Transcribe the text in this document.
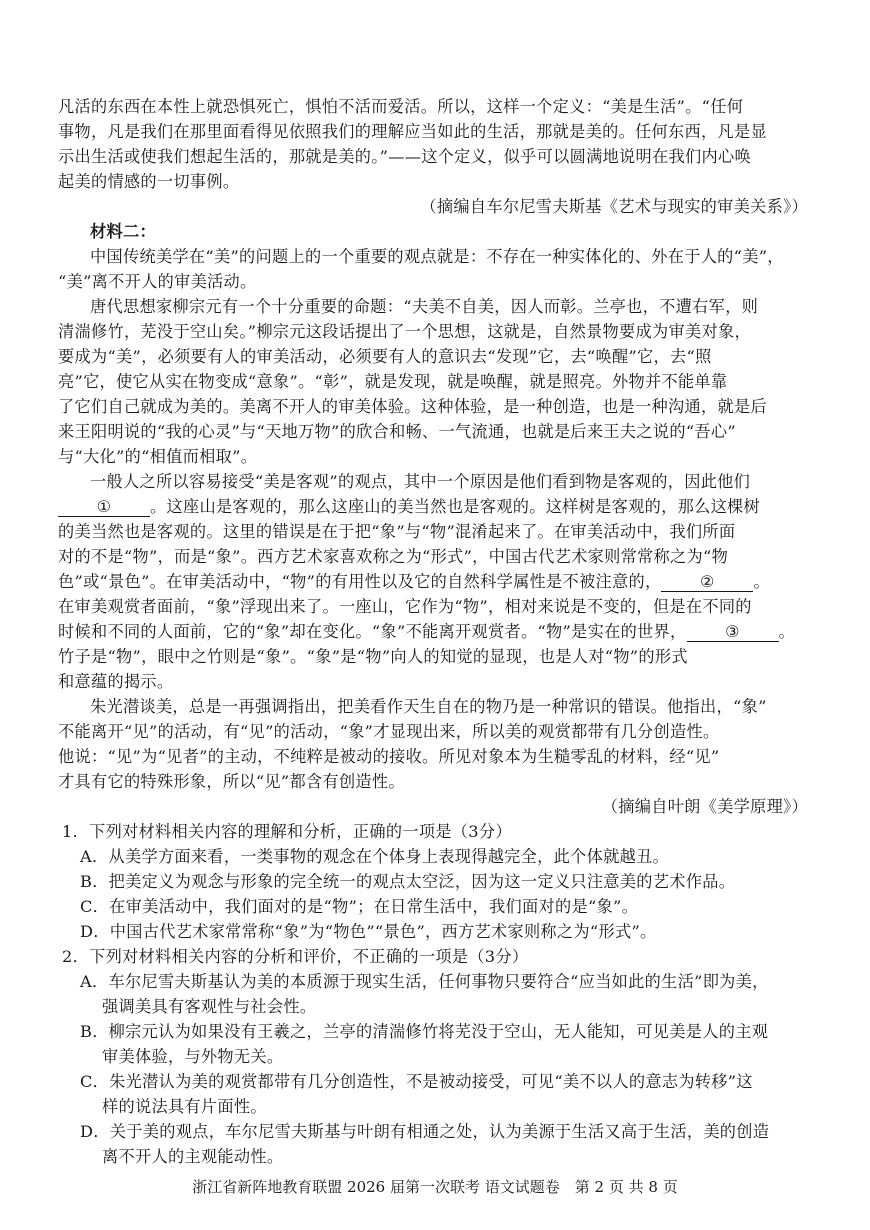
凡活的东西在本性上就恐惧死亡，惧怕不活而爱活。所以，这样一个定义：“美是生活”。“任何
事物，凡是我们在那里面看得见依照我们的理解应当如此的生活，那就是美的。任何东西，凡是显
示出生活或使我们想起生活的，那就是美的。”——这个定义，似乎可以圆满地说明在我们内心唤
起美的情感的一切事例。
（摘编自车尔尼雪夫斯基《艺术与现实的审美关系》）
材料二：
中国传统美学在“美”的问题上的一个重要的观点就是：不存在一种实体化的、外在于人的“美”，
“美”离不开人的审美活动。
唐代思想家柳宗元有一个十分重要的命题：“夫美不自美，因人而彰。兰亭也，不遭右军，则
清湍修竹，芜没于空山矣。”柳宗元这段话提出了一个思想，这就是，自然景物要成为审美对象，
要成为“美”，必须要有人的审美活动，必须要有人的意识去“发现”它，去“唤醒”它，去“照
亮”它，使它从实在物变成“意象”。“彰”，就是发现，就是唤醒，就是照亮。外物并不能单靠
了它们自己就成为美的。美离不开人的审美体验。这种体验，是一种创造，也是一种沟通，就是后
来王阳明说的“我的心灵”与“天地万物”的欣合和畅、一气流通，也就是后来王夫之说的“吾心”
与“大化”的“相值而相取”。
一般人之所以容易接受“美是客观”的观点，其中一个原因是他们看到物是客观的，因此他们
① 。这座山是客观的，那么这座山的美当然也是客观的。这样树是客观的，那么这棵树
的美当然也是客观的。这里的错误是在于把“象”与“物”混淆起来了。在审美活动中，我们所面
对的不是“物”，而是“象”。西方艺术家喜欢称之为“形式”，中国古代艺术家则常常称之为“物
色”或“景色”。在审美活动中，“物”的有用性以及它的自然科学属性是不被注意的， ② 。
在审美观赏者面前，“象”浮现出来了。一座山，它作为“物”，相对来说是不变的，但是在不同的
时候和不同的人面前，它的“象”却在变化。“象”不能离开观赏者。“物”是实在的世界， ③ 。
竹子是“物”，眼中之竹则是“象”。“象”是“物”向人的知觉的显现，也是人对“物”的形式
和意蕴的揭示。
朱光潜谈美，总是一再强调指出，把美看作天生自在的物乃是一种常识的错误。他指出，“象”
不能离开“见”的活动，有“见”的活动，“象”才显现出来，所以美的观赏都带有几分创造性。
他说：“见”为“见者”的主动，不纯粹是被动的接收。所见对象本为生糙零乱的材料，经“见”
才具有它的特殊形象，所以“见”都含有创造性。
（摘编自叶朗《美学原理》）
1．下列对材料相关内容的理解和分析，正确的一项是（3分）
A．从美学方面来看，一类事物的观念在个体身上表现得越完全，此个体就越丑。
B．把美定义为观念与形象的完全统一的观点太空泛，因为这一定义只注意美的艺术作品。
C．在审美活动中，我们面对的是“物”；在日常生活中，我们面对的是“象”。
D．中国古代艺术家常常称“象”为“物色”“景色”，西方艺术家则称之为“形式”。
2．下列对材料相关内容的分析和评价，不正确的一项是（3分）
A．车尔尼雪夫斯基认为美的本质源于现实生活，任何事物只要符合“应当如此的生活”即为美，
强调美具有客观性与社会性。
B．柳宗元认为如果没有王羲之，兰亭的清湍修竹将芜没于空山，无人能知，可见美是人的主观
审美体验，与外物无关。
C．朱光潜认为美的观赏都带有几分创造性，不是被动接受，可见“美不以人的意志为转移”这
样的说法具有片面性。
D．关于美的观点，车尔尼雪夫斯基与叶朗有相通之处，认为美源于生活又高于生活，美的创造
离不开人的主观能动性。
浙江省新阵地教育联盟 2026 届第一次联考 语文试题卷　第 2 页 共 8 页
